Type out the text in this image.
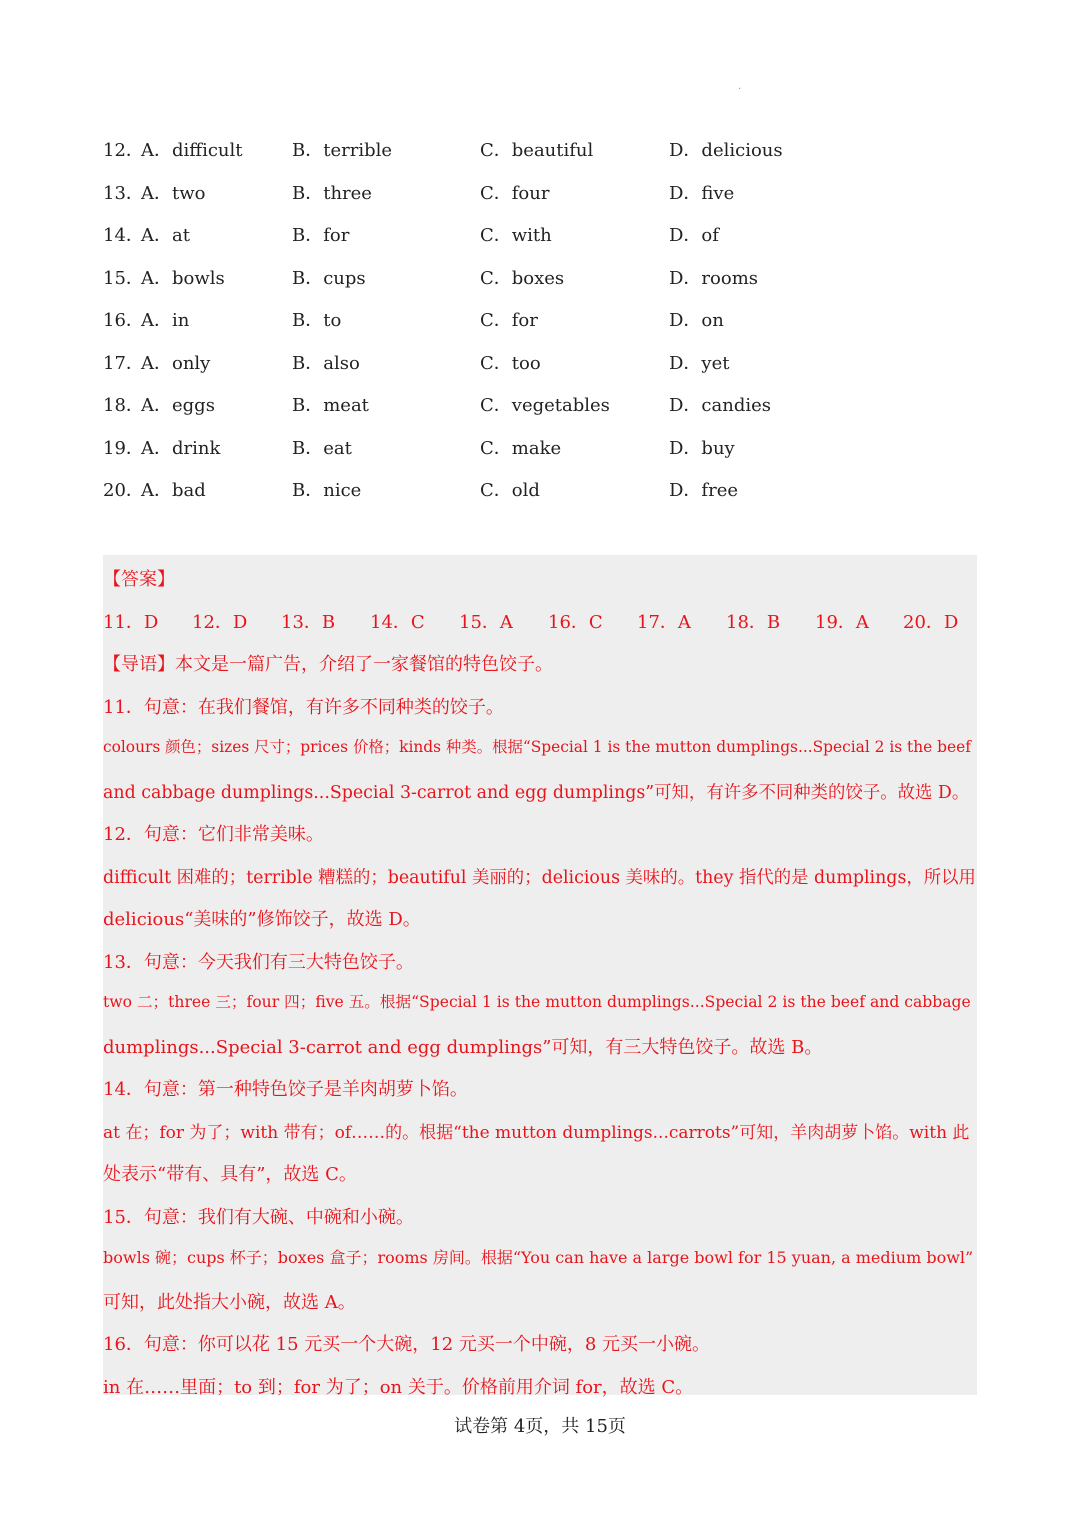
·
12．
A．difficult	B．terrible	C．beautiful	D．delicious
13．
A．two	B．three	C．four	D．five
14．
A．at	B．for	C．with	D．of
15．
A．bowls	B．cups	C．boxes	D．rooms
16．
A．in	B．to	C．for	D．on
17．
A．only	B．also	C．too	D．yet
18．
A．eggs	B．meat	C．vegetables	D．candies
19．
A．drink	B．eat	C．make	D．buy
20．
A．bad	B．nice	C．old	D．free
【答案】
11．D 12．D 13．B 14．C 15．A 16．C 17．A 18．B 19．A 20．D
【导语】本文是一篇广告，介绍了一家餐馆的特色饺子。
11．句意：在我们餐馆，有许多不同种类的饺子。
colours 颜色；sizes 尺寸；prices 价格；kinds 种类。根据“Special 1 is the mutton dumplings...Special 2 is the beef
and cabbage dumplings...Special 3-carrot and egg dumplings”可知，有许多不同种类的饺子。故选 D。
12．句意：它们非常美味。
difficult 困难的；terrible 糟糕的；beautiful 美丽的；delicious 美味的。they 指代的是 dumplings，所以用
delicious“美味的”修饰饺子，故选 D。
13．句意：今天我们有三大特色饺子。
two 二；three 三；four 四；five 五。根据“Special 1 is the mutton dumplings...Special 2 is the beef and cabbage
dumplings...Special 3-carrot and egg dumplings”可知，有三大特色饺子。故选 B。
14．句意：第一种特色饺子是羊肉胡萝卜馅。
at 在；for 为了；with 带有；of……的。根据“the mutton dumplings...carrots”可知，羊肉胡萝卜馅。with 此
处表示“带有、具有”，故选 C。
15．句意：我们有大碗、中碗和小碗。
bowls 碗；cups 杯子；boxes 盒子；rooms 房间。根据“You can have a large bowl for 15 yuan, a medium bowl”
可知，此处指大小碗，故选 A。
16．句意：你可以花 15 元买一个大碗，12 元买一个中碗，8 元买一小碗。
in 在……里面；to 到；for 为了；on 关于。价格前用介词 for，故选 C。
试卷第 4页，共 15页
